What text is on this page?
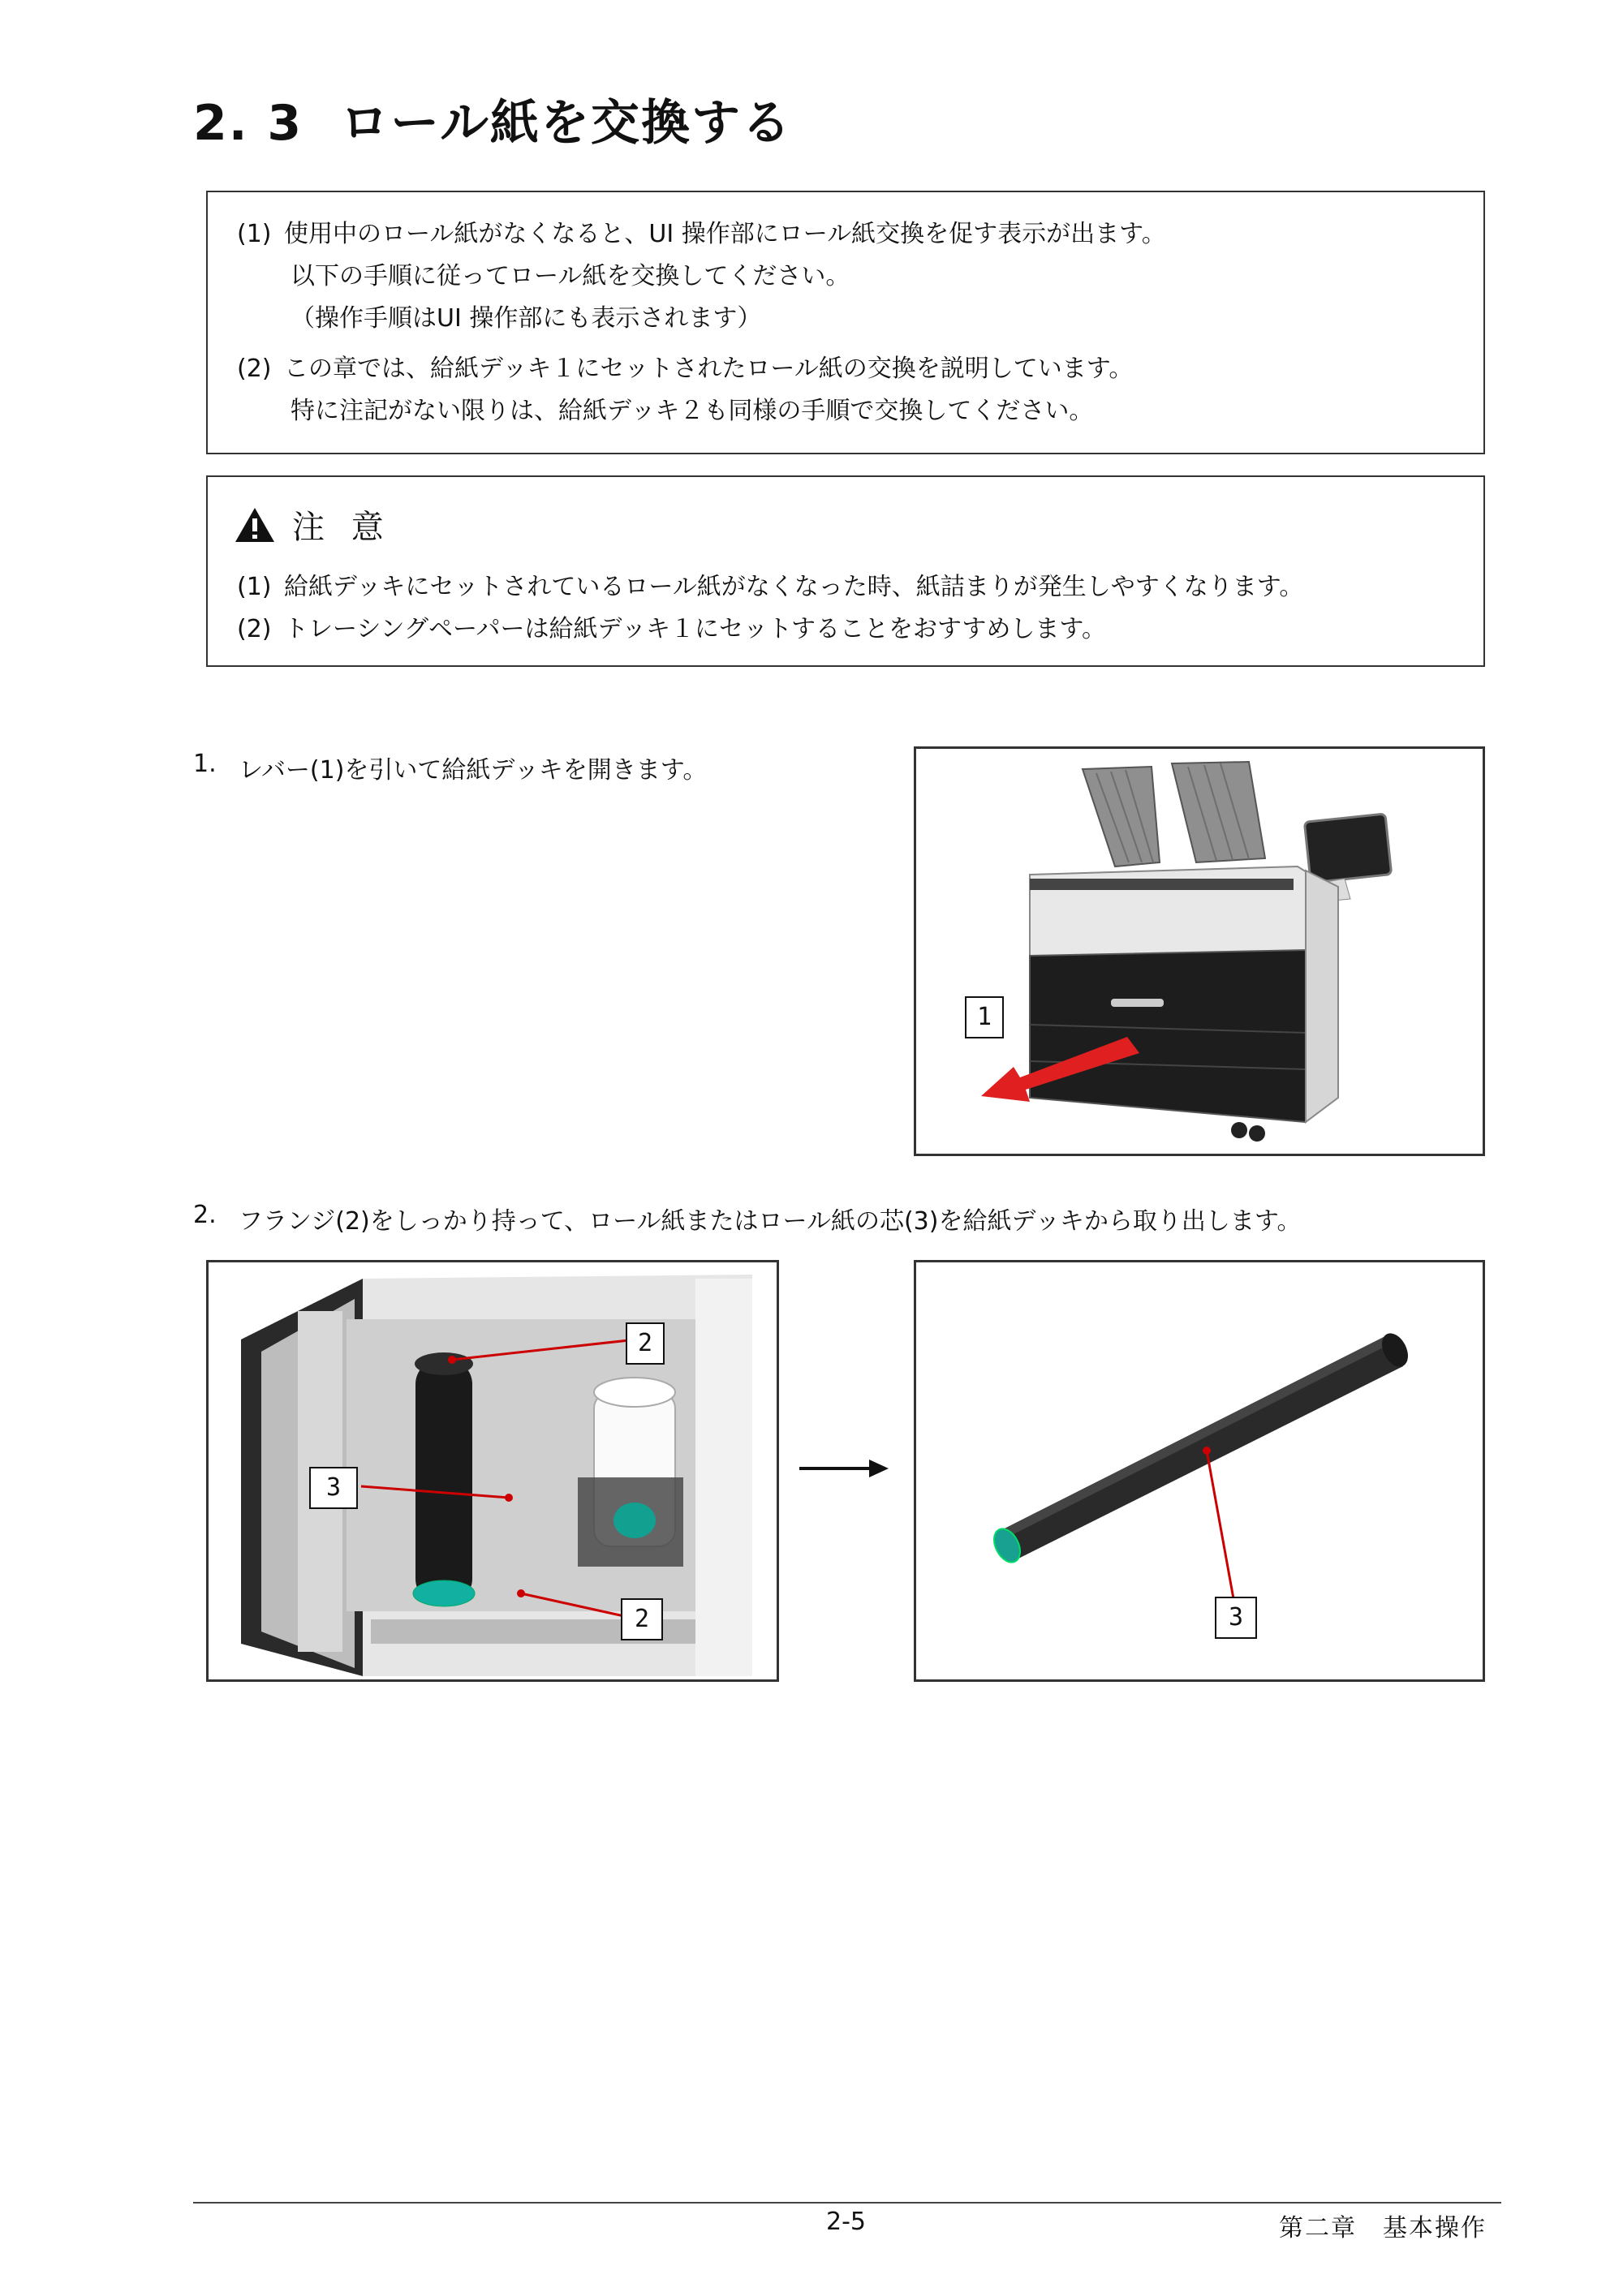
2. 3 ロール紙を交換する
(1) 使用中のロール紙がなくなると、UI 操作部にロール紙交換を促す表示が出ます。
以下の手順に従ってロール紙を交換してください。
（操作手順はUI 操作部にも表示されます）
(2) この章では、給紙デッキ１にセットされたロール紙の交換を説明しています。
特に注記がない限りは、給紙デッキ２も同様の手順で交換してください。
注 意
(1) 給紙デッキにセットされているロール紙がなくなった時、紙詰まりが発生しやすくなります。
(2) トレーシングペーパーは給紙デッキ１にセットすることをおすすめします。
1. レバー(1)を引いて給紙デッキを開きます。
1
2. フランジ(2)をしっかり持って、ロール紙またはロール紙の芯(3)を給紙デッキから取り出します。
2
3
2	3
2-5	第二章　基本操作
